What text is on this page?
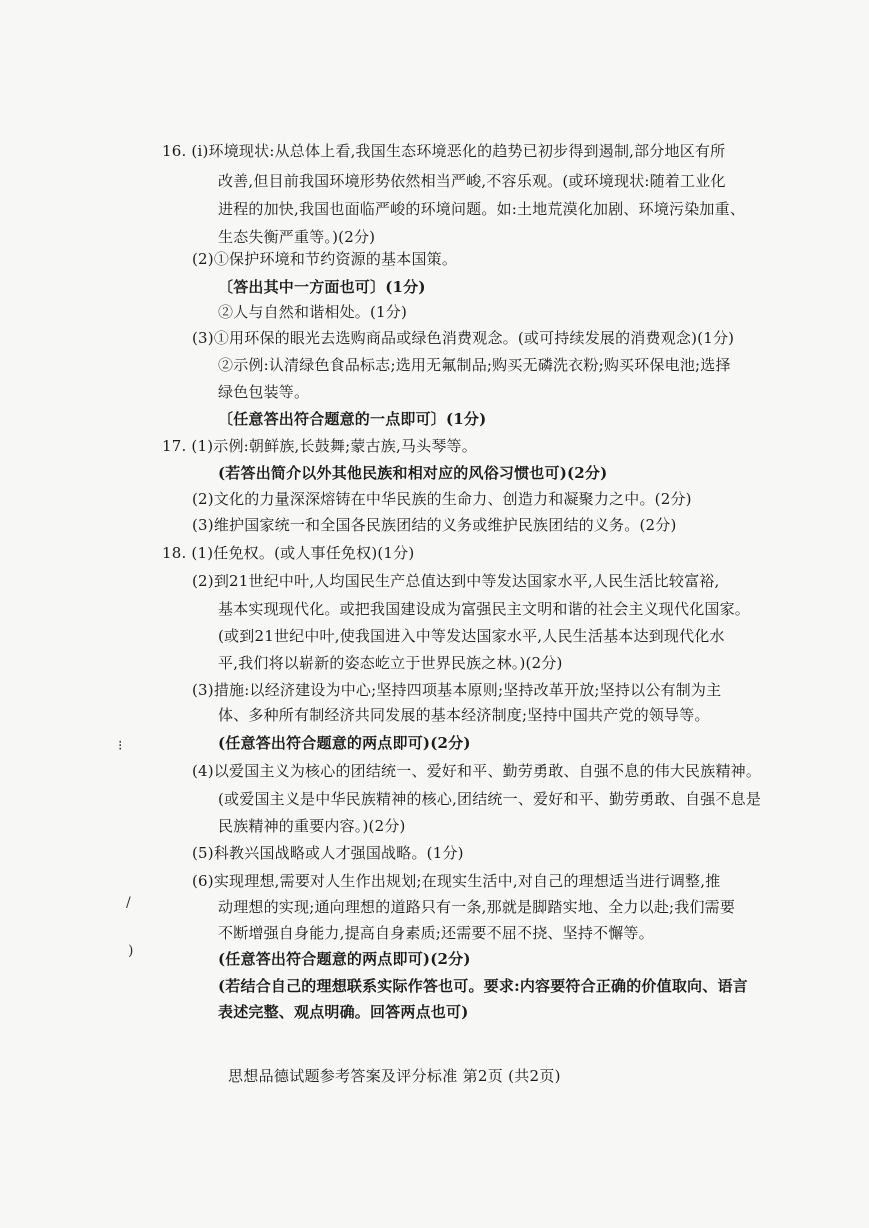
16. (ⅰ)环境现状:从总体上看,我国生态环境恶化的趋势已初步得到遏制,部分地区有所
改善,但目前我国环境形势依然相当严峻,不容乐观。(或环境现状:随着工业化
进程的加快,我国也面临严峻的环境问题。如:土地荒漠化加剧、环境污染加重、
生态失衡严重等。)(2分)
(2)①保护环境和节约资源的基本国策。
〔答出其中一方面也可〕(1分)
②人与自然和谐相处。(1分)
(3)①用环保的眼光去选购商品或绿色消费观念。(或可持续发展的消费观念)(1分)
②示例:认清绿色食品标志;选用无氟制品;购买无磷洗衣粉;购买环保电池;选择
绿色包装等。
〔任意答出符合题意的一点即可〕(1分)
17. (1)示例:朝鲜族,长鼓舞;蒙古族,马头琴等。
(若答出简介以外其他民族和相对应的风俗习惯也可)(2分)
(2)文化的力量深深熔铸在中华民族的生命力、创造力和凝聚力之中。(2分)
(3)维护国家统一和全国各民族团结的义务或维护民族团结的义务。(2分)
18. (1)任免权。(或人事任免权)(1分)
(2)到21世纪中叶,人均国民生产总值达到中等发达国家水平,人民生活比较富裕,
基本实现现代化。或把我国建设成为富强民主文明和谐的社会主义现代化国家。
(或到21世纪中叶,使我国进入中等发达国家水平,人民生活基本达到现代化水
平,我们将以崭新的姿态屹立于世界民族之林。)(2分)
(3)措施:以经济建设为中心;坚持四项基本原则;坚持改革开放;坚持以公有制为主
体、多种所有制经济共同发展的基本经济制度;坚持中国共产党的领导等。
(任意答出符合题意的两点即可)(2分)
(4)以爱国主义为核心的团结统一、爱好和平、勤劳勇敢、自强不息的伟大民族精神。
(或爱国主义是中华民族精神的核心,团结统一、爱好和平、勤劳勇敢、自强不息是
民族精神的重要内容。)(2分)
(5)科教兴国战略或人才强国战略。(1分)
(6)实现理想,需要对人生作出规划;在现实生活中,对自己的理想适当进行调整,推
动理想的实现;通向理想的道路只有一条,那就是脚踏实地、全力以赴;我们需要
不断增强自身能力,提高自身素质;还需要不屈不挠、坚持不懈等。
(任意答出符合题意的两点即可)(2分)
(若结合自己的理想联系实际作答也可。要求:内容要符合正确的价值取向、语言
表述完整、观点明确。回答两点也可)
思想品德试题参考答案及评分标准 第2页 (共2页)
⁝
/
)
